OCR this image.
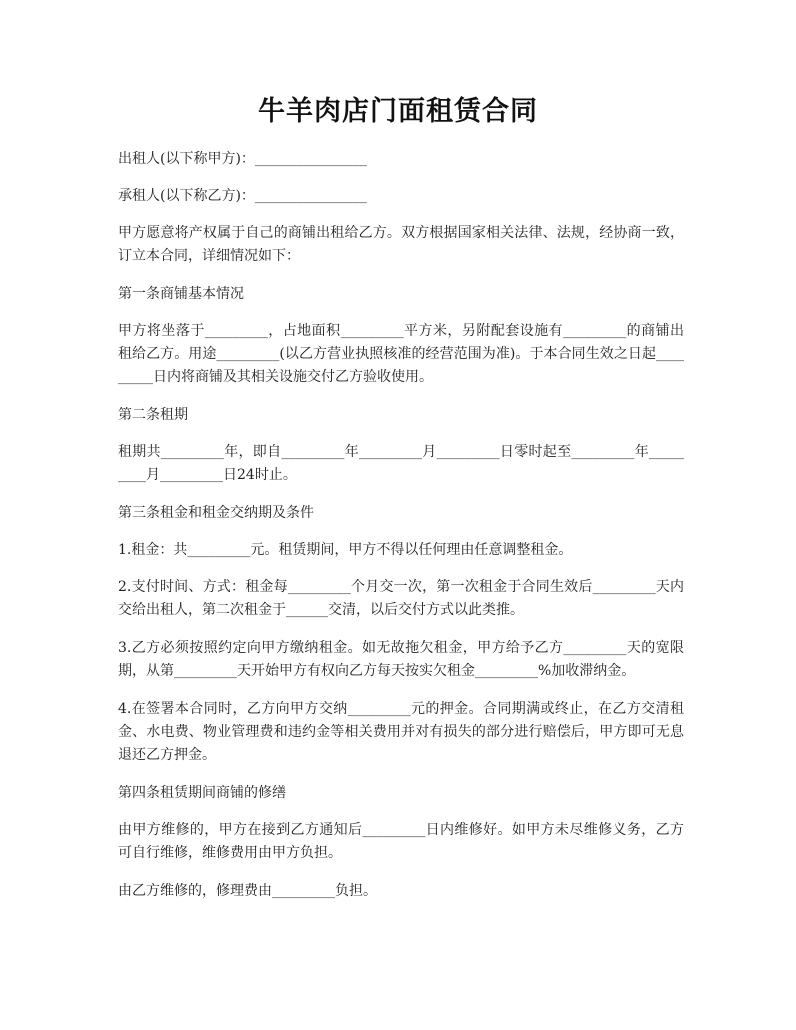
牛羊肉店门面租赁合同

出租人(以下称甲方)：________________

承租人(以下称乙方)：________________

甲方愿意将产权属于自己的商铺出租给乙方。双方根据国家相关法律、法规，经协商一致，订立本合同，详细情况如下：

第一条商铺基本情况

甲方将坐落于_________，占地面积_________平方米，另附配套设施有_________的商铺出租给乙方。用途_________(以乙方营业执照核准的经营范围为准)。于本合同生效之日起_________日内将商铺及其相关设施交付乙方验收使用。

第二条租期

租期共_________年，即自_________年_________月_________日零时起至_________年_________月_________日24时止。

第三条租金和租金交纳期及条件

1.租金：共_________元。租赁期间，甲方不得以任何理由任意调整租金。

2.支付时间、方式：租金每_________个月交一次，第一次租金于合同生效后_________天内交给出租人，第二次租金于______交清，以后交付方式以此类推。

3.乙方必须按照约定向甲方缴纳租金。如无故拖欠租金，甲方给予乙方_________天的宽限期，从第_________天开始甲方有权向乙方每天按实欠租金_________%加收滞纳金。

4.在签署本合同时，乙方向甲方交纳_________元的押金。合同期满或终止，在乙方交清租金、水电费、物业管理费和违约金等相关费用并对有损失的部分进行赔偿后，甲方即可无息退还乙方押金。

第四条租赁期间商铺的修缮

由甲方维修的，甲方在接到乙方通知后_________日内维修好。如甲方未尽维修义务，乙方可自行维修，维修费用由甲方负担。

由乙方维修的，修理费由_________负担。
